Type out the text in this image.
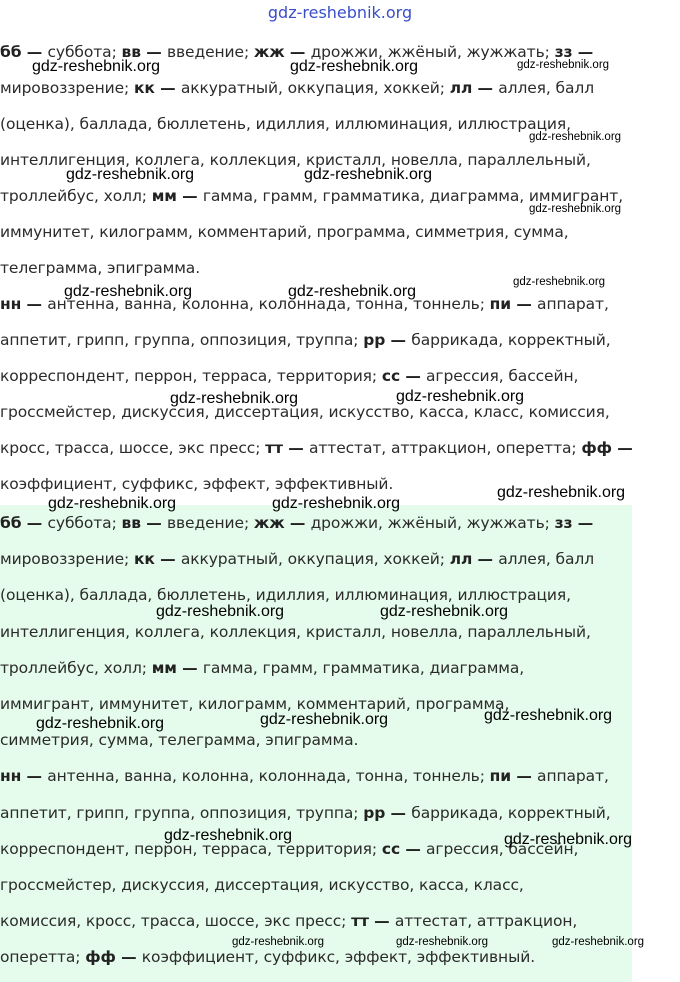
gdz-reshebnik.org

бб — суббота; вв — введение; жж — дрожжи, жжёный, жужжать; зз —
мировоззрение; кк — аккуратный, оккупация, хоккей; лл — аллея, балл
(оценка), баллада, бюллетень, идиллия, иллюминация, иллюстрация,
интеллигенция, коллега, коллекция, кристалл, новелла, параллельный,
троллейбус, холл; мм — гамма, грамм, грамматика, диаграмма, иммигрант,
иммунитет, килограмм, комментарий, программа, симметрия, сумма,
телеграмма, эпиграмма.

нн — антенна, ванна, колонна, колоннада, тонна, тоннель; пи — аппарат,
аппетит, грипп, группа, оппозиция, труппа; рр — баррикада, корректный,
корреспондент, перрон, терраса, территория; сс — агрессия, бассейн,
гроссмейстер, дискуссия, диссертация, искусство, касса, класс, комиссия,
кросс, трасса, шоссе, экс пресс; тт — аттестат, аттракцион, оперетта; фф —
коэффициент, суффикс, эффект, эффективный.

бб — суббота; вв — введение; жж — дрожжи, жжёный, жужжать; зз —
мировоззрение; кк — аккуратный, оккупация, хоккей; лл — аллея, балл
(оценка), баллада, бюллетень, идиллия, иллюминация, иллюстрация,
интеллигенция, коллега, коллекция, кристалл, новелла, параллельный,
троллейбус, холл; мм — гамма, грамм, грамматика, диаграмма,
иммигрант, иммунитет, килограмм, комментарий, программа,
симметрия, сумма, телеграмма, эпиграмма.

нн — антенна, ванна, колонна, колоннада, тонна, тоннель; пи — аппарат,
аппетит, грипп, группа, оппозиция, труппа; рр — баррикада, корректный,
корреспондент, перрон, терраса, территория; сс — агрессия, бассейн,
гроссмейстер, дискуссия, диссертация, искусство, касса, класс,
комиссия, кросс, трасса, шоссе, экс пресс; тт — аттестат, аттракцион,
оперетта; фф — коэффициент, суффикс, эффект, эффективный.

gdz-reshebnik.org	gdz-reshebnik.org	gdz-reshebnik.org
gdz-reshebnik.org
gdz-reshebnik.org	gdz-reshebnik.org
gdz-reshebnik.org
gdz-reshebnik.org
gdz-reshebnik.org	gdz-reshebnik.org
gdz-reshebnik.org	gdz-reshebnik.org
gdz-reshebnik.org
gdz-reshebnik.org	gdz-reshebnik.org
gdz-reshebnik.org	gdz-reshebnik.org
gdz-reshebnik.org	gdz-reshebnik.org	gdz-reshebnik.org
gdz-reshebnik.org	gdz-reshebnik.org
gdz-reshebnik.org	gdz-reshebnik.org	gdz-reshebnik.org
